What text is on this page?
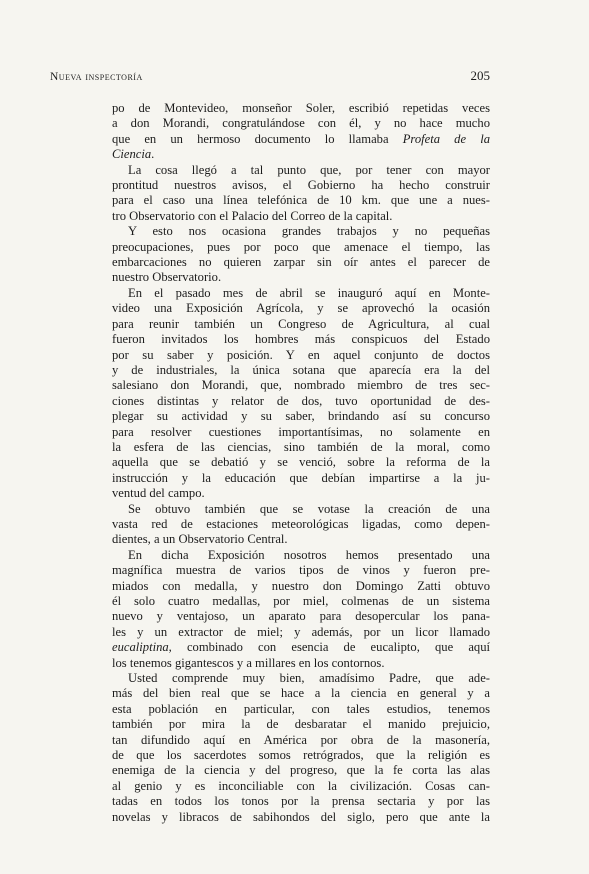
Nueva inspectoría	205
po de Montevideo, monseñor Soler, escribió repetidas veces
a don Morandi, congratulándose con él, y no hace mucho
que en un hermoso documento lo llamaba Profeta de la
Ciencia.
La cosa llegó a tal punto que, por tener con mayor
prontitud nuestros avisos, el Gobierno ha hecho construir
para el caso una línea telefónica de 10 km. que une a nues-
tro Observatorio con el Palacio del Correo de la capital.
Y esto nos ocasiona grandes trabajos y no pequeñas
preocupaciones, pues por poco que amenace el tiempo, las
embarcaciones no quieren zarpar sin oír antes el parecer de
nuestro Observatorio.
En el pasado mes de abril se inauguró aquí en Monte-
video una Exposición Agrícola, y se aprovechó la ocasión
para reunir también un Congreso de Agricultura, al cual
fueron invitados los hombres más conspicuos del Estado
por su saber y posición. Y en aquel conjunto de doctos
y de industriales, la única sotana que aparecía era la del
salesiano don Morandi, que, nombrado miembro de tres sec-
ciones distintas y relator de dos, tuvo oportunidad de des-
plegar su actividad y su saber, brindando así su concurso
para resolver cuestiones importantísimas, no solamente en
la esfera de las ciencias, sino también de la moral, como
aquella que se debatió y se venció, sobre la reforma de la
instrucción y la educación que debían impartirse a la ju-
ventud del campo.
Se obtuvo también que se votase la creación de una
vasta red de estaciones meteorológicas ligadas, como depen-
dientes, a un Observatorio Central.
En dicha Exposición nosotros hemos presentado una
magnífica muestra de varios tipos de vinos y fueron pre-
miados con medalla, y nuestro don Domingo Zatti obtuvo
él solo cuatro medallas, por miel, colmenas de un sistema
nuevo y ventajoso, un aparato para desopercular los pana-
les y un extractor de miel; y además, por un licor llamado
eucaliptina, combinado con esencia de eucalipto, que aquí
los tenemos gigantescos y a millares en los contornos.
Usted comprende muy bien, amadísimo Padre, que ade-
más del bien real que se hace a la ciencia en general y a
esta población en particular, con tales estudios, tenemos
también por mira la de desbaratar el manido prejuicio,
tan difundido aquí en América por obra de la masonería,
de que los sacerdotes somos retrógrados, que la religión es
enemiga de la ciencia y del progreso, que la fe corta las alas
al genio y es inconciliable con la civilización. Cosas can-
tadas en todos los tonos por la prensa sectaria y por las
novelas y libracos de sabihondos del siglo, pero que ante la
